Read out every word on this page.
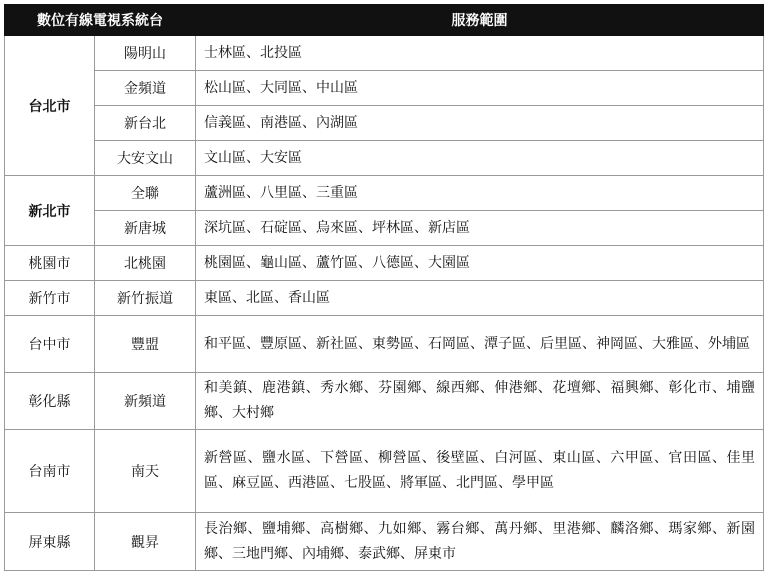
數位有線電視系統台		服務範圍
台北市	陽明山	士林區、北投區
	金頻道	松山區、大同區、中山區
	新台北	信義區、南港區、內湖區
	大安文山	文山區、大安區
新北市	全聯	蘆洲區、八里區、三重區
	新唐城	深坑區、石碇區、烏來區、坪林區、新店區
桃園市	北桃園	桃園區、龜山區、蘆竹區、八德區、大園區
新竹市	新竹振道	東區、北區、香山區
台中市	豐盟	和平區、豐原區、新社區、東勢區、石岡區、潭子區、后里區、神岡區、大雅區、外埔區
彰化縣	新頻道	和美鎮、鹿港鎮、秀水鄉、芬園鄉、線西鄉、伸港鄉、花壇鄉、福興鄉、彰化市、埔鹽鄉、大村鄉
台南市	南天	新營區、鹽水區、下營區、柳營區、後壁區、白河區、東山區、六甲區、官田區、佳里區、麻豆區、西港區、七股區、將軍區、北門區、學甲區
屏東縣	觀昇	長治鄉、鹽埔鄉、高樹鄉、九如鄉、霧台鄉、萬丹鄉、里港鄉、麟洛鄉、瑪家鄉、新園鄉、三地門鄉、內埔鄉、泰武鄉、屏東市
